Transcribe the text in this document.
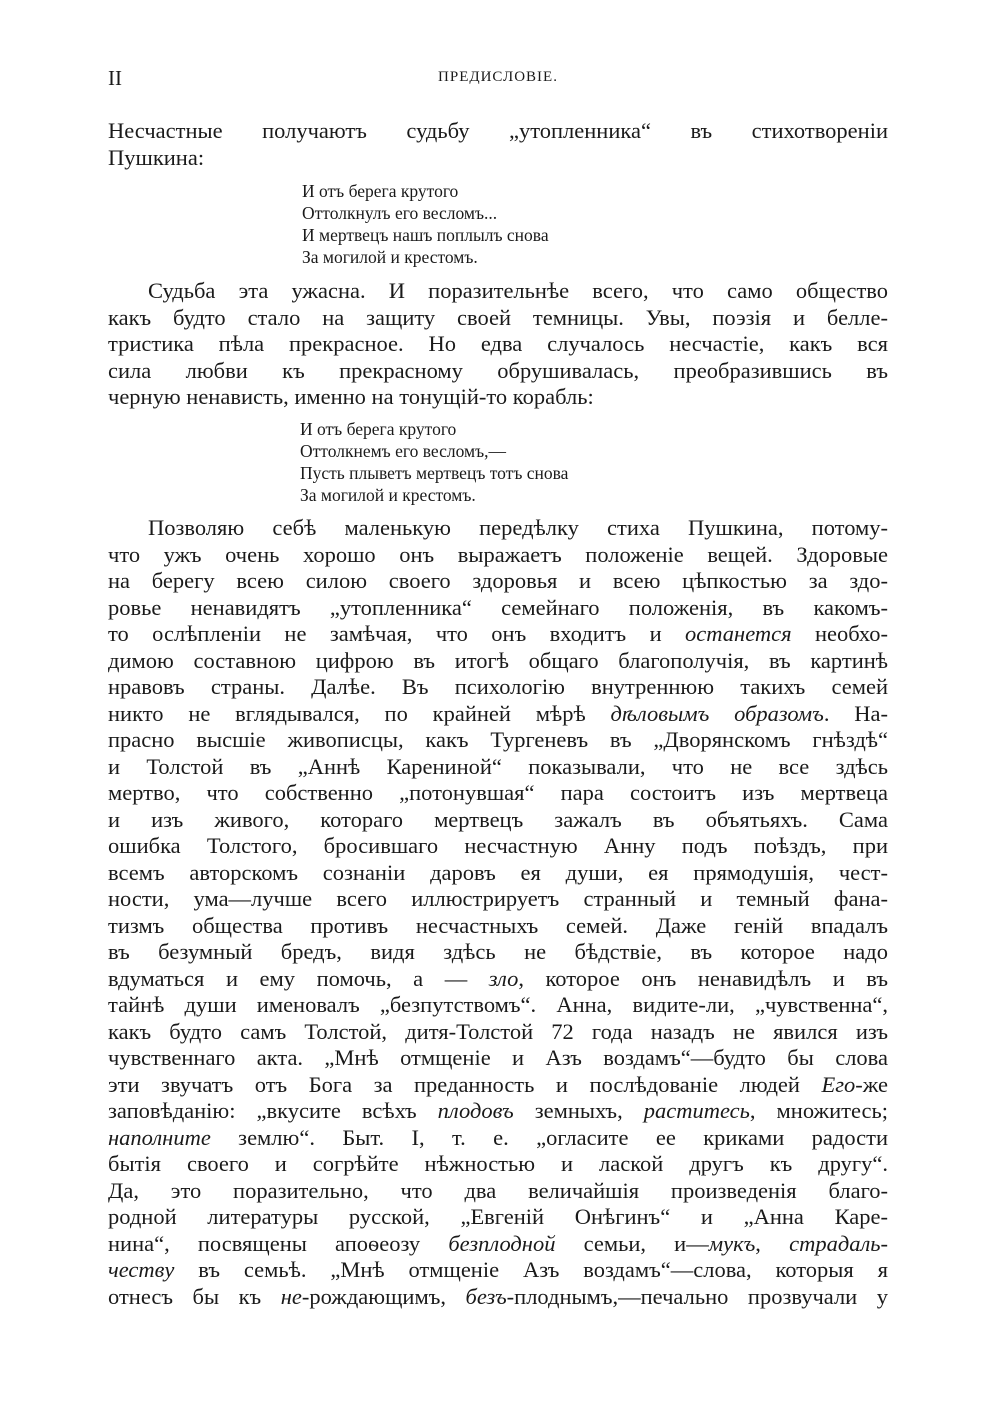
II	ПРЕДИСЛОВІЕ.
Несчастные получаютъ судьбу „утопленника“ въ стихотвореніи
Пушкина:
И отъ берега крутого
Оттолкнулъ его весломъ...
И мертвецъ нашъ поплылъ снова
За могилой и крестомъ.
Судьба эта ужасна. И поразительнѣе всего, что само общество
какъ будто стало на защиту своей темницы. Увы, поэзія и белле-
тристика пѣла прекрасное. Но едва случалось несчастіе, какъ вся
сила любви къ прекрасному обрушивалась, преобразившись въ
черную ненависть, именно на тонущій-то корабль:
И отъ берега крутого
Оттолкнемъ его весломъ,—
Пусть плыветъ мертвецъ тотъ снова
За могилой и крестомъ.
Позволяю себѣ маленькую передѣлку стиха Пушкина, потому-
что ужъ очень хорошо онъ выражаетъ положеніе вещей. Здоровые
на берегу всею силою своего здоровья и всею цѣпкостью за здо-
ровье ненавидятъ „утопленника“ семейнаго положенія, въ какомъ-
то ослѣпленіи не замѣчая, что онъ входитъ и останется необхо-
димою составною цифрою въ итогѣ общаго благополучія, въ картинѣ
нравовъ страны. Далѣе. Въ психологію внутреннюю такихъ семей
никто не вглядывался, по крайней мѣрѣ дѣловымъ образомъ. На-
прасно высшіе живописцы, какъ Тургеневъ въ „Дворянскомъ гнѣздѣ“
и Толстой въ „Аннѣ Карениной“ показывали, что не все здѣсь
мертво, что собственно „потонувшая“ пара состоитъ изъ мертвеца
и изъ живого, котораго мертвецъ зажалъ въ объятьяхъ. Сама
ошибка Толстого, бросившаго несчастную Анну подъ поѣздъ, при
всемъ авторскомъ сознаніи даровъ ея души, ея прямодушія, чест-
ности, ума—лучше всего иллюстрируетъ странный и темный фана-
тизмъ общества противъ несчастныхъ семей. Даже геній впадалъ
въ безумный бредъ, видя здѣсь не бѣдствіе, въ которое надо
вдуматься и ему помочь, а — зло, которое онъ ненавидѣлъ и въ
тайнѣ души именовалъ „безпутствомъ“. Анна, видите-ли, „чувственна“,
какъ будто самъ Толстой, дитя-Толстой 72 года назадъ не явился изъ
чувственнаго акта. „Мнѣ отмщеніе и Азъ воздамъ“—будто бы слова
эти звучатъ отъ Бога за преданность и послѣдованіе людей Его-же
заповѣданію: „вкусите всѣхъ плодовъ земныхъ, раститесь, множитесь;
наполните землю“. Быт. I, т. е. „огласите ее криками радости
бытія своего и согрѣйте нѣжностью и лаской другъ къ другу“.
Да, это поразительно, что два величайшія произведенія благо-
родной литературы русской, „Евгеній Онѣгинъ“ и „Анна Каре-
нина“, посвящены апоѳеозу безплодной семьи, и—мукъ, страдаль-
честву въ семьѣ. „Мнѣ отмщеніе Азъ воздамъ“—слова, которыя я
отнесъ бы къ не-рождающимъ, безъ-плоднымъ,—печально прозвучали у
